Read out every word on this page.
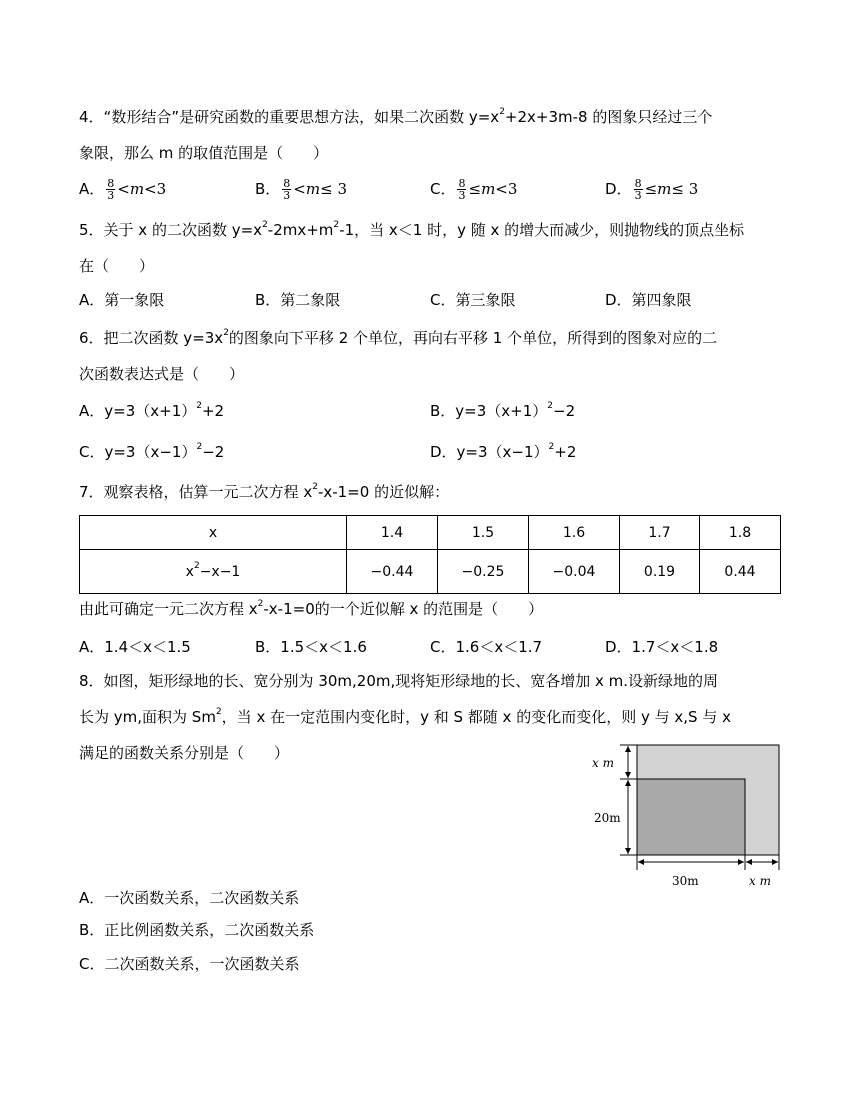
4．“数形结合”是研究函数的重要思想方法，如果二次函数 $y=x^2+2x+3m-8$ 的图象只经过三个
象限，那么 m 的取值范围是（　　）
A． $\frac{8}{3} <m<3$	B． $\frac{8}{3} <m\le 3$	C． $\frac{8}{3} \le m<3$	D． $\frac{8}{3} \le m\le 3$
5．关于 x 的二次函数 $y=x^2-2mx+m^2-1$，当 x＜1 时，y 随 x 的增大而减少，则抛物线的顶点坐标
在（　　）
A．第一象限	B．第二象限	C．第三象限	D．第四象限
6．把二次函数 $y=3x^2$的图象向下平移 2 个单位，再向右平移 1 个单位，所得到的图象对应的二
次函数表达式是（　　）
A．$y=3(x+1)^2+2$	B．$y=3(x+1)^2-2$
C．$y=3(x-1)^2-2$	D．$y=3(x-1)^2+2$
7．观察表格，估算一元二次方程 $x^2-x-1=0$ 的近似解：
x	1.4	1.5	1.6	1.7	1.8
$x^2-x-1$	−0.44	−0.25	−0.04	0.19	0.44
由此可确定一元二次方程 $x^2-x-1=0$的一个近似解 x 的范围是（　　）
A．1.4＜x＜1.5	B．1.5＜x＜1.6	C．1.6＜x＜1.7	D．1.7＜x＜1.8
8．如图，矩形绿地的长、宽分别为 30m,20m,现将矩形绿地的长、宽各增加 x m.设新绿地的周
长为 ym,面积为 Sm$^2$，当 x 在一定范围内变化时，y 和 S 都随 x 的变化而变化，则 y 与 x,S 与 x
满足的函数关系分别是（　　）
x m
20m
30m	x m
A．一次函数关系，二次函数关系
B．正比例函数关系，二次函数关系
C．二次函数关系，一次函数关系
